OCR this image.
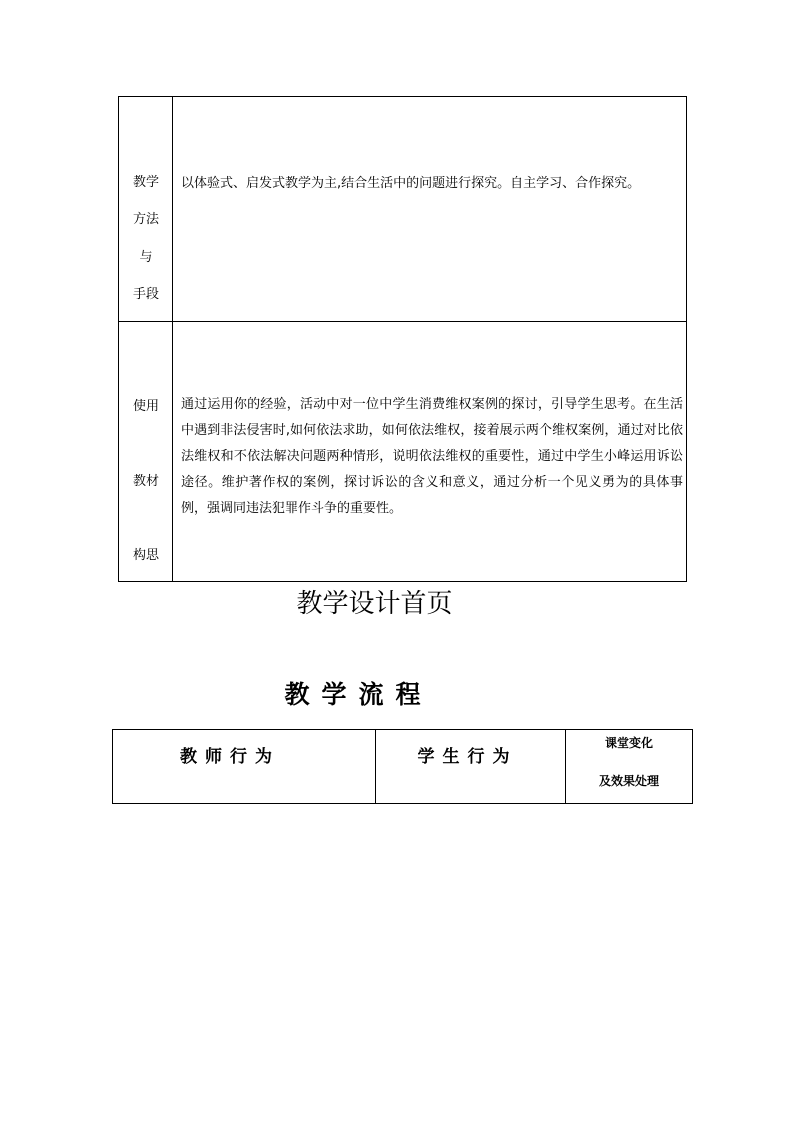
教学
方法
与
手段
以体验式、启发式教学为主,结合生活中的问题进行探究。自主学习、合作探究。
使用
教材
构思
通过运用你的经验，活动中对一位中学生消费维权案例的探讨，引导学生思考。在生活中遇到非法侵害时,如何依法求助，如何依法维权，接着展示两个维权案例，通过对比依法维权和不依法解决问题两种情形，说明依法维权的重要性，通过中学生小峰运用诉讼途径。维护著作权的案例，探讨诉讼的含义和意义，通过分析一个见义勇为的具体事例，强调同违法犯罪作斗争的重要性。
教学设计首页
教学流程
教师行为	学生行为
课堂变化
及效果处理
